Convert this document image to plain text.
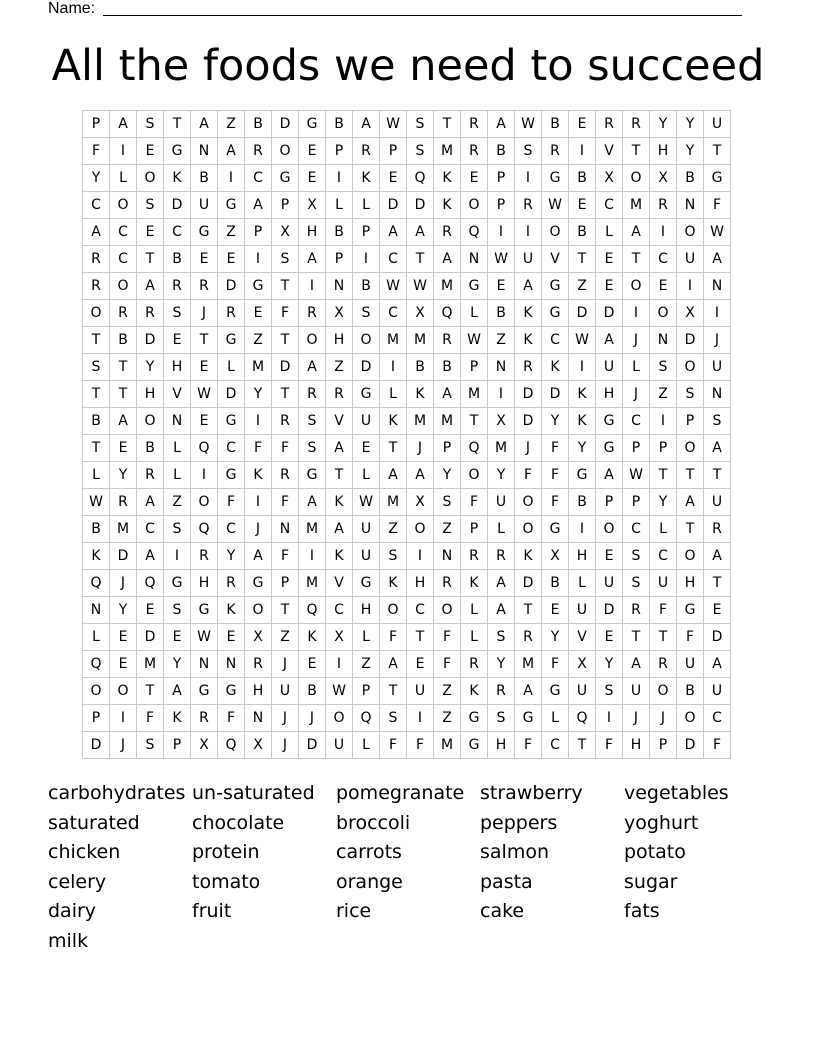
Name:
All the foods we need to succeed
P	A	S	T	A	Z	B	D	G	B	A	W	S	T	R	A	W	B	E	R	R	Y	Y	U
F	I	E	G	N	A	R	O	E	P	R	P	S	M	R	B	S	R	I	V	T	H	Y	T
Y	L	O	K	B	I	C	G	E	I	K	E	Q	K	E	P	I	G	B	X	O	X	B	G
C	O	S	D	U	G	A	P	X	L	L	D	D	K	O	P	R	W	E	C	M	R	N	F
A	C	E	C	G	Z	P	X	H	B	P	A	A	R	Q	I	I	O	B	L	A	I	O	W
R	C	T	B	E	E	I	S	A	P	I	C	T	A	N	W	U	V	T	E	T	C	U	A
R	O	A	R	R	D	G	T	I	N	B	W	W	M	G	E	A	G	Z	E	O	E	I	N
O	R	R	S	J	R	E	F	R	X	S	C	X	Q	L	B	K	G	D	D	I	O	X	I
T	B	D	E	T	G	Z	T	O	H	O	M	M	R	W	Z	K	C	W	A	J	N	D	J
S	T	Y	H	E	L	M	D	A	Z	D	I	B	B	P	N	R	K	I	U	L	S	O	U
T	T	H	V	W	D	Y	T	R	R	G	L	K	A	M	I	D	D	K	H	J	Z	S	N
B	A	O	N	E	G	I	R	S	V	U	K	M	M	T	X	D	Y	K	G	C	I	P	S
T	E	B	L	Q	C	F	F	S	A	E	T	J	P	Q	M	J	F	Y	G	P	P	O	A
L	Y	R	L	I	G	K	R	G	T	L	A	A	Y	O	Y	F	F	G	A	W	T	T	T
W	R	A	Z	O	F	I	F	A	K	W	M	X	S	F	U	O	F	B	P	P	Y	A	U
B	M	C	S	Q	C	J	N	M	A	U	Z	O	Z	P	L	O	G	I	O	C	L	T	R
K	D	A	I	R	Y	A	F	I	K	U	S	I	N	R	R	K	X	H	E	S	C	O	A
Q	J	Q	G	H	R	G	P	M	V	G	K	H	R	K	A	D	B	L	U	S	U	H	T
N	Y	E	S	G	K	O	T	Q	C	H	O	C	O	L	A	T	E	U	D	R	F	G	E
L	E	D	E	W	E	X	Z	K	X	L	F	T	F	L	S	R	Y	V	E	T	T	F	D
Q	E	M	Y	N	N	R	J	E	I	Z	A	E	F	R	Y	M	F	X	Y	A	R	U	A
O	O	T	A	G	G	H	U	B	W	P	T	U	Z	K	R	A	G	U	S	U	O	B	U
P	I	F	K	R	F	N	J	J	O	Q	S	I	Z	G	S	G	L	Q	I	J	J	O	C
D	J	S	P	X	Q	X	J	D	U	L	F	F	M	G	H	F	C	T	F	H	P	D	F
carbohydrates un-saturated	pomegranate strawberry	vegetables
saturated	chocolate	broccoli	peppers	yoghurt
chicken	protein	carrots	salmon	potato
celery	tomato	orange	pasta	sugar
dairy	fruit	rice	cake	fats
milk
